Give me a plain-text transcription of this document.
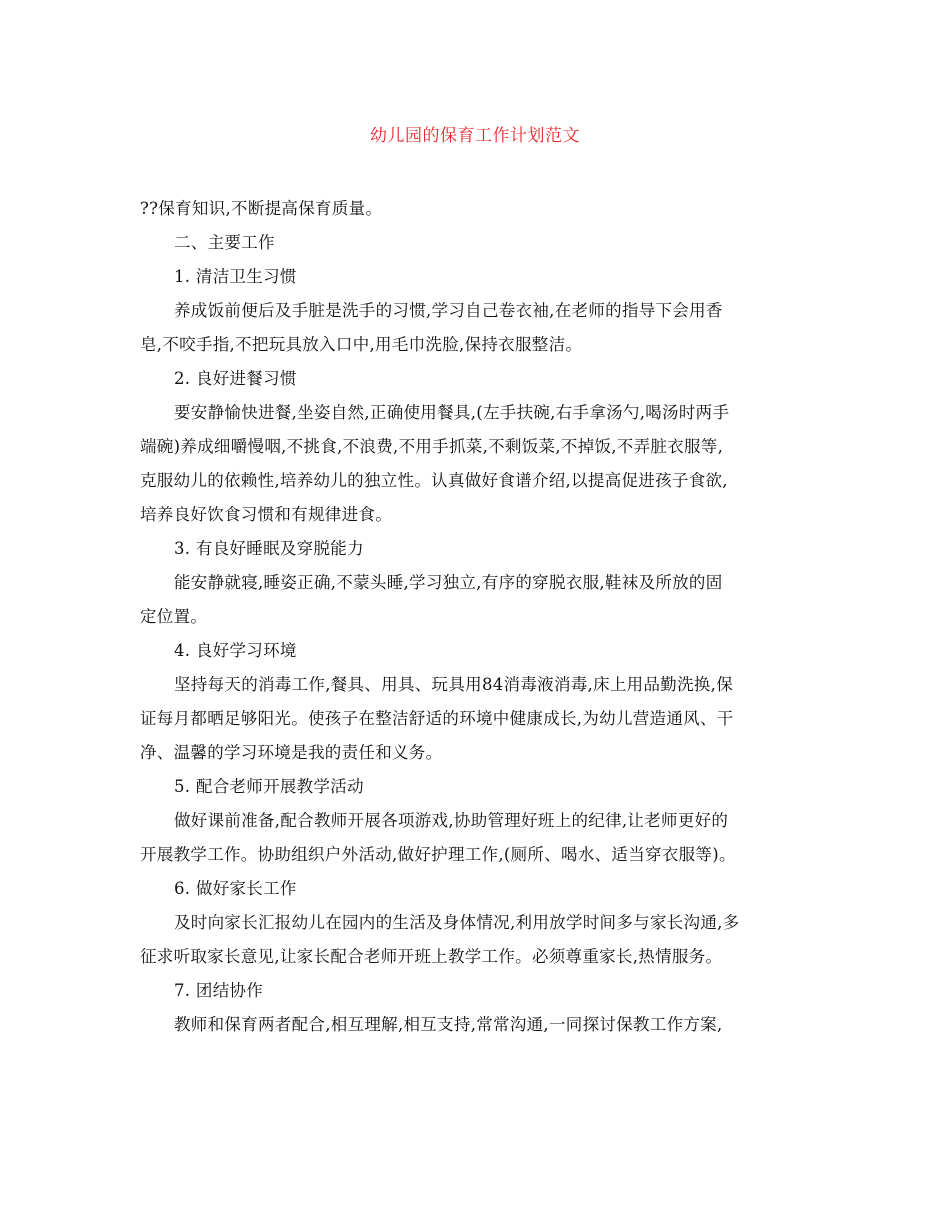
幼儿园的保育工作计划范文
??保育知识,不断提高保育质量。
二、主要工作
1. 清洁卫生习惯
养成饭前便后及手脏是洗手的习惯,学习自己卷衣袖,在老师的指导下会用香
皂,不咬手指,不把玩具放入口中,用毛巾洗脸,保持衣服整洁。
2. 良好进餐习惯
要安静愉快进餐,坐姿自然,正确使用餐具,(左手扶碗,右手拿汤勺,喝汤时两手
端碗)养成细嚼慢咽,不挑食,不浪费,不用手抓菜,不剩饭菜,不掉饭,不弄脏衣服等,
克服幼儿的依赖性,培养幼儿的独立性。认真做好食谱介绍,以提高促进孩子食欲,
培养良好饮食习惯和有规律进食。
3. 有良好睡眠及穿脱能力
能安静就寝,睡姿正确,不蒙头睡,学习独立,有序的穿脱衣服,鞋袜及所放的固
定位置。
4. 良好学习环境
坚持每天的消毒工作,餐具、用具、玩具用84消毒液消毒,床上用品勤洗换,保
证每月都晒足够阳光。使孩子在整洁舒适的环境中健康成长,为幼儿营造通风、干
净、温馨的学习环境是我的责任和义务。
5. 配合老师开展教学活动
做好课前准备,配合教师开展各项游戏,协助管理好班上的纪律,让老师更好的
开展教学工作。协助组织户外活动,做好护理工作,(厕所、喝水、适当穿衣服等)。
6. 做好家长工作
及时向家长汇报幼儿在园内的生活及身体情况,利用放学时间多与家长沟通,多
征求听取家长意见,让家长配合老师开班上教学工作。必须尊重家长,热情服务。
7. 团结协作
教师和保育两者配合,相互理解,相互支持,常常沟通,一同探讨保教工作方案,
